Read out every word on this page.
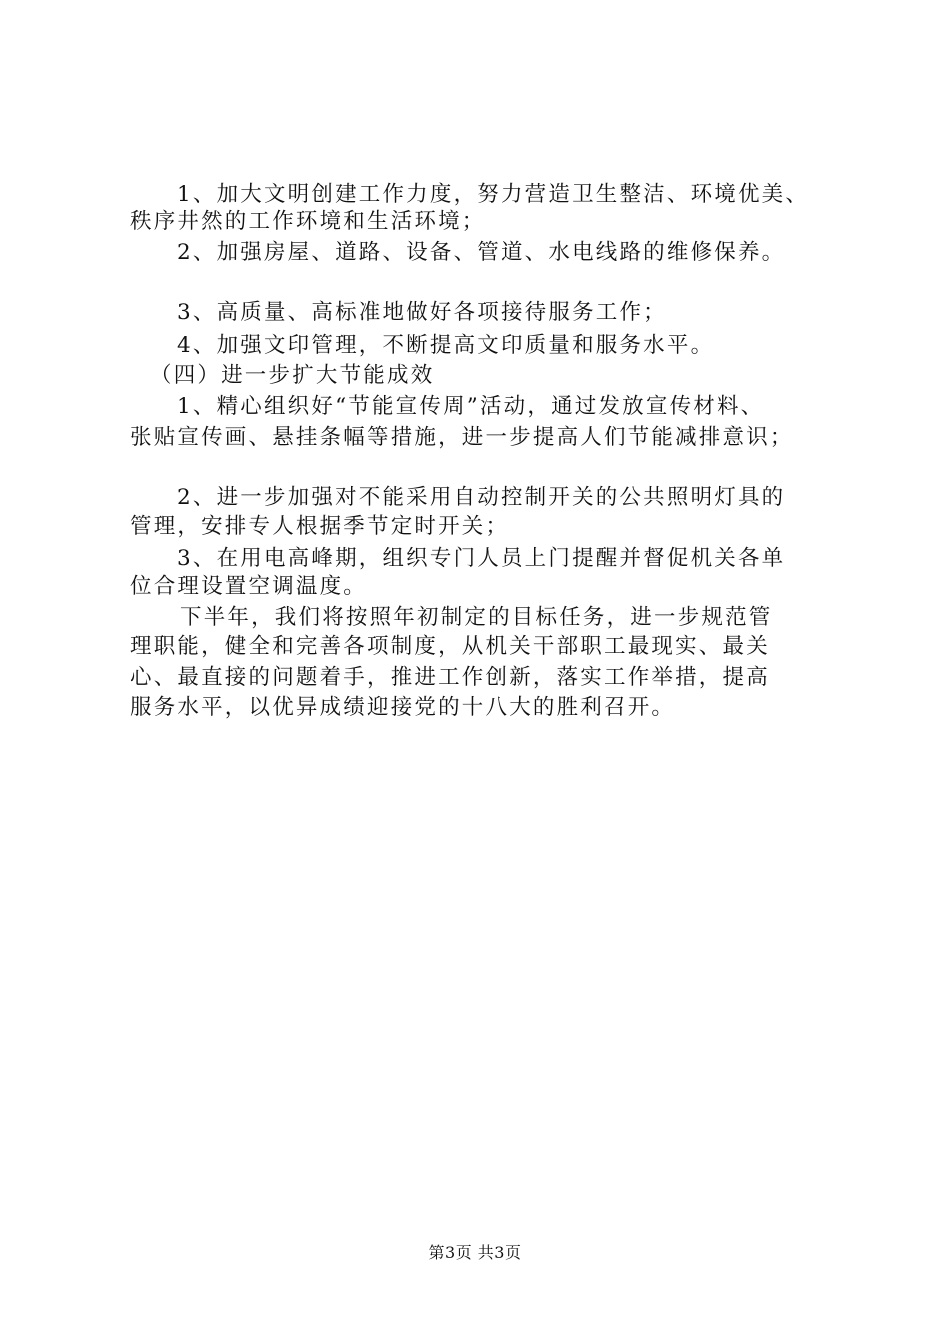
1、加大文明创建工作力度，努力营造卫生整洁、环境优美、
秩序井然的工作环境和生活环境；
2、加强房屋、道路、设备、管道、水电线路的维修保养。
3、高质量、高标准地做好各项接待服务工作；
4、加强文印管理，不断提高文印质量和服务水平。
（四）进一步扩大节能成效
1、精心组织好“节能宣传周”活动，通过发放宣传材料、
张贴宣传画、悬挂条幅等措施，进一步提高人们节能减排意识；
2、进一步加强对不能采用自动控制开关的公共照明灯具的
管理，安排专人根据季节定时开关；
3、在用电高峰期，组织专门人员上门提醒并督促机关各单
位合理设置空调温度。
下半年，我们将按照年初制定的目标任务，进一步规范管
理职能，健全和完善各项制度，从机关干部职工最现实、最关
心、最直接的问题着手，推进工作创新，落实工作举措，提高
服务水平，以优异成绩迎接党的十八大的胜利召开。
第3页 共3页
